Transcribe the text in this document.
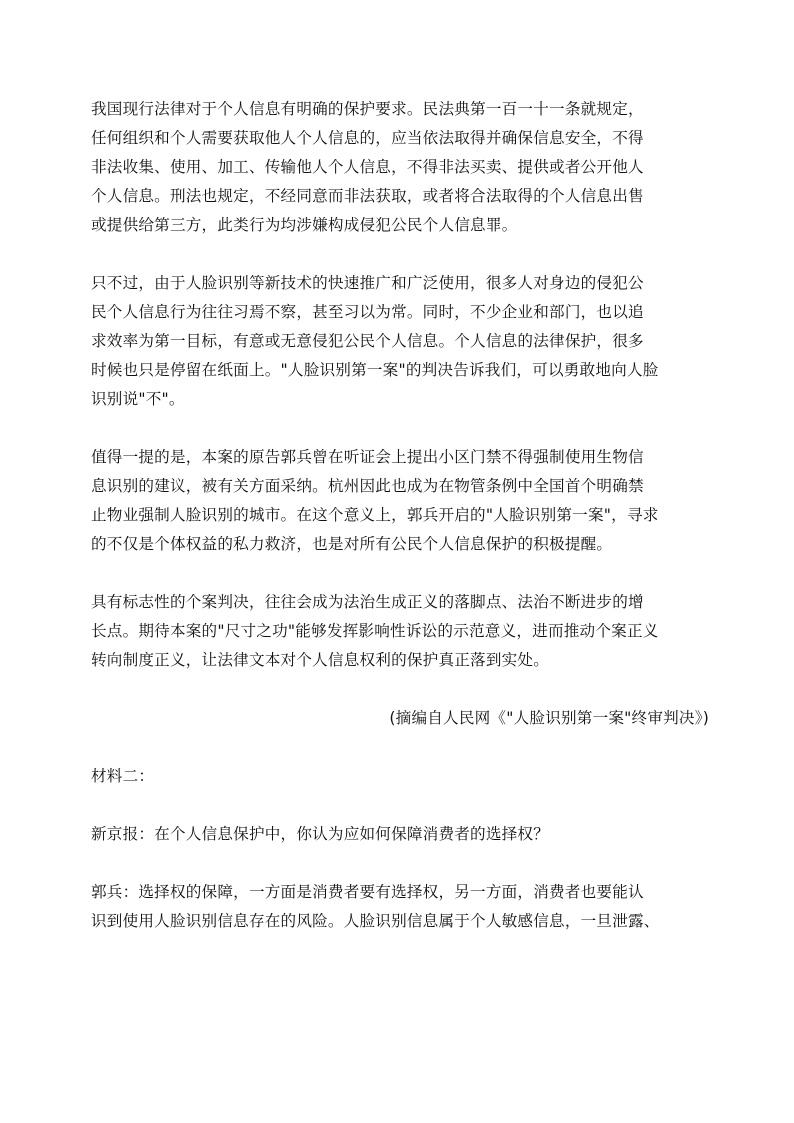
我国现行法律对于个人信息有明确的保护要求。民法典第一百一十一条就规定，
任何组织和个人需要获取他人个人信息的，应当依法取得并确保信息安全，不得
非法收集、使用、加工、传输他人个人信息，不得非法买卖、提供或者公开他人
个人信息。刑法也规定，不经同意而非法获取，或者将合法取得的个人信息出售
或提供给第三方，此类行为均涉嫌构成侵犯公民个人信息罪。
只不过，由于人脸识别等新技术的快速推广和广泛使用，很多人对身边的侵犯公
民个人信息行为往往习焉不察，甚至习以为常。同时，不少企业和部门，也以追
求效率为第一目标，有意或无意侵犯公民个人信息。个人信息的法律保护，很多
时候也只是停留在纸面上。"人脸识别第一案"的判决告诉我们，可以勇敢地向人脸
识别说"不"。
值得一提的是，本案的原告郭兵曾在听证会上提出小区门禁不得强制使用生物信
息识别的建议，被有关方面采纳。杭州因此也成为在物管条例中全国首个明确禁
止物业强制人脸识别的城市。在这个意义上，郭兵开启的"人脸识别第一案"，寻求
的不仅是个体权益的私力救济，也是对所有公民个人信息保护的积极提醒。
具有标志性的个案判决，往往会成为法治生成正义的落脚点、法治不断进步的增
长点。期待本案的"尺寸之功"能够发挥影响性诉讼的示范意义，进而推动个案正义
转向制度正义，让法律文本对个人信息权利的保护真正落到实处。
(摘编自人民网《"人脸识别第一案"终审判决》)
材料二：
新京报：在个人信息保护中，你认为应如何保障消费者的选择权？
郭兵：选择权的保障，一方面是消费者要有选择权，另一方面，消费者也要能认
识到使用人脸识别信息存在的风险。人脸识别信息属于个人敏感信息，一旦泄露、
